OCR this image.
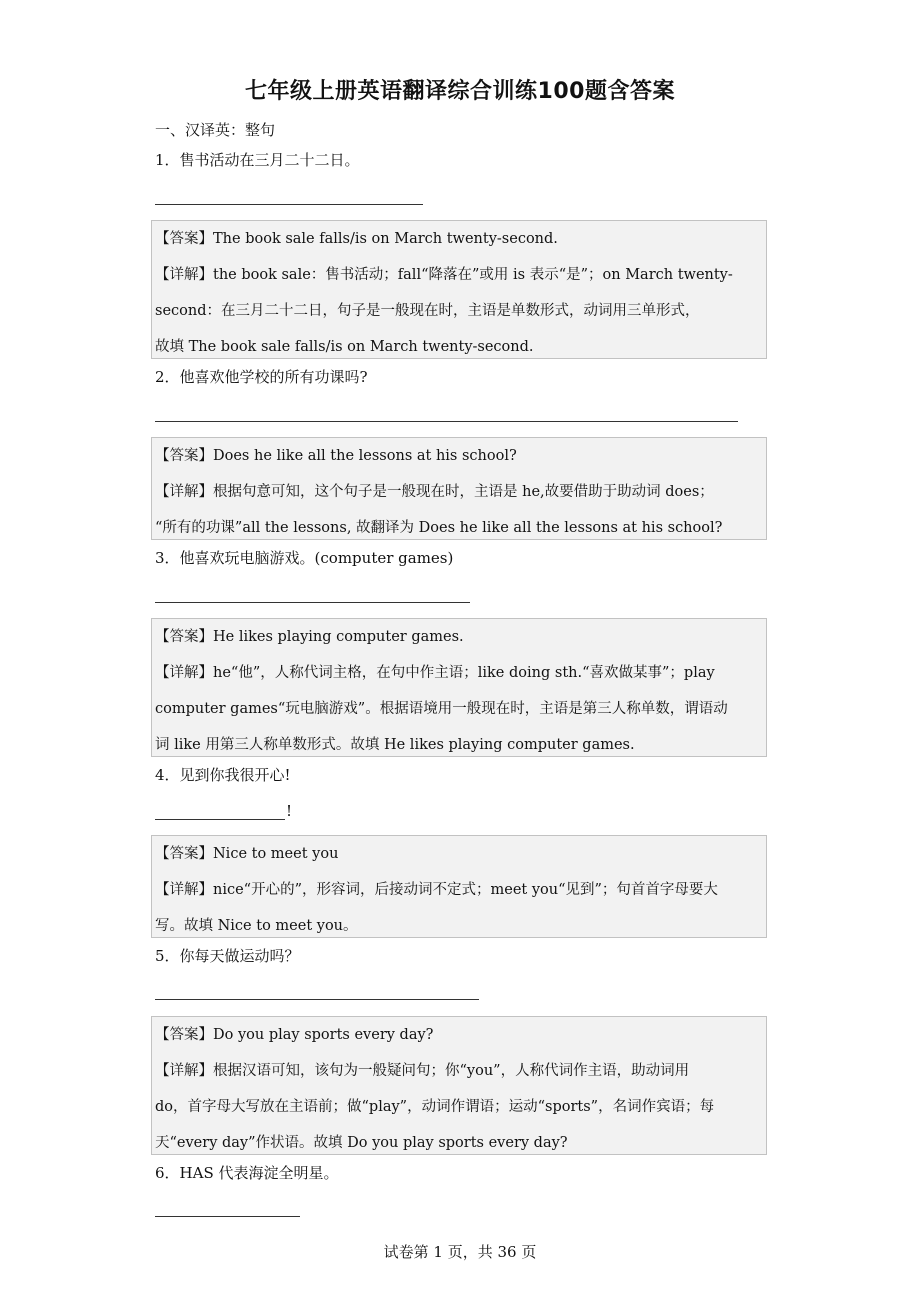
七年级上册英语翻译综合训练100题含答案
一、汉译英：整句
1．售书活动在三月二十二日。

【答案】The book sale falls/is on March twenty-second.

【详解】the book sale：售书活动；fall“降落在”或用 is 表示“是”；on March twenty-

second：在三月二十二日，句子是一般现在时，主语是单数形式，动词用三单形式，

故填 The book sale falls/is on March twenty-second.

2．他喜欢他学校的所有功课吗?

【答案】Does he like all the lessons at his school?

【详解】根据句意可知，这个句子是一般现在时，主语是 he,故要借助于助动词 does；

“所有的功课”all the lessons, 故翻译为 Does he like all the lessons at his school?

3．他喜欢玩电脑游戏。(computer games)

【答案】He likes playing computer games.

【详解】he“他”，人称代词主格，在句中作主语；like doing sth.“喜欢做某事”；play

computer games“玩电脑游戏”。根据语境用一般现在时，主语是第三人称单数，谓语动

词 like 用第三人称单数形式。故填 He likes playing computer games.

4．见到你我很开心!
!

【答案】Nice to meet you

【详解】nice“开心的”，形容词，后接动词不定式；meet you“见到”；句首首字母要大

写。故填 Nice to meet you。

5．你每天做运动吗？

【答案】Do you play sports every day?

【详解】根据汉语可知，该句为一般疑问句；你“you”，人称代词作主语，助动词用

do，首字母大写放在主语前；做“play”，动词作谓语；运动“sports”，名词作宾语；每

天“every day”作状语。故填 Do you play sports every day?

6．HAS 代表海淀全明星。
试卷第 1 页，共 36 页
